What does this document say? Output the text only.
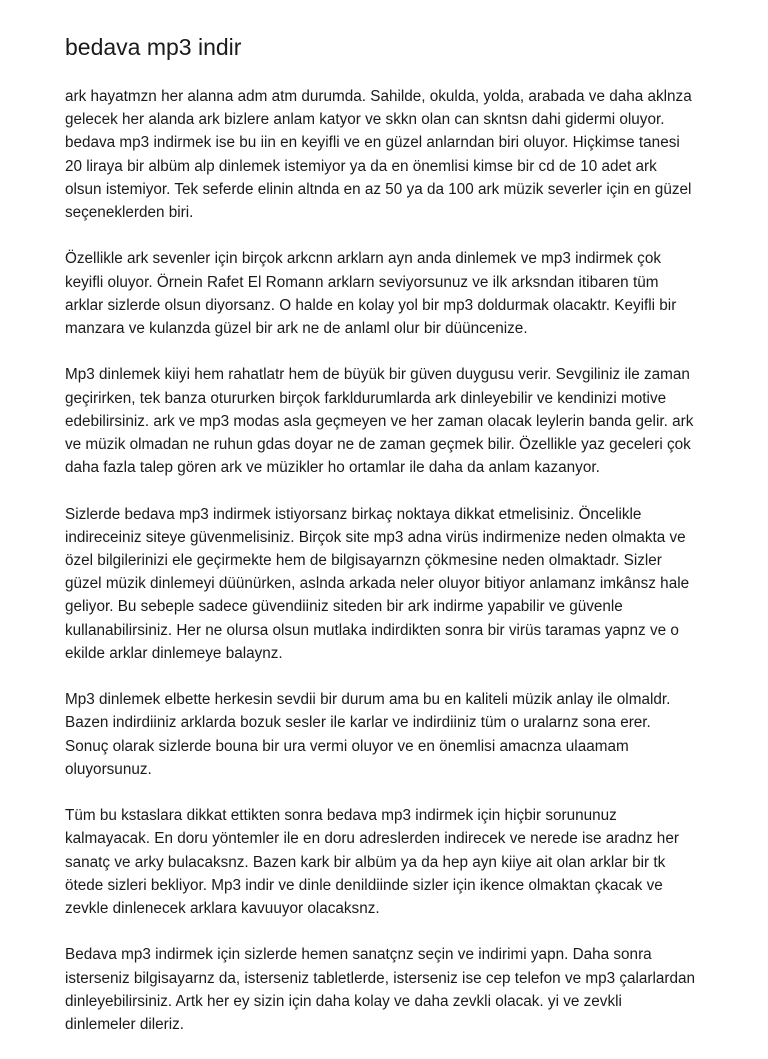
bedava mp3 indir

ark hayatmzn her alanna adm atm durumda. Sahilde, okulda, yolda, arabada ve daha aklnza
gelecek her alanda ark bizlere anlam katyor ve skkn olan can skntsn dahi gidermi oluyor.
bedava mp3 indirmek ise bu iin en keyifli ve en güzel anlarndan biri oluyor. Hiçkimse tanesi
20 liraya bir albüm alp dinlemek istemiyor ya da en önemlisi kimse bir cd de 10 adet ark
olsun istemiyor. Tek seferde elinin altnda en az 50 ya da 100 ark müzik severler için en güzel
seçeneklerden biri.

Özellikle ark sevenler için birçok arkcnn arklarn ayn anda dinlemek ve mp3 indirmek çok
keyifli oluyor. Örnein Rafet El Romann arklarn seviyorsunuz ve ilk arksndan itibaren tüm
arklar sizlerde olsun diyorsanz. O halde en kolay yol bir mp3 doldurmak olacaktr. Keyifli bir
manzara ve kulanzda güzel bir ark ne de anlaml olur bir düüncenize.

Mp3 dinlemek kiiyi hem rahatlatr hem de büyük bir güven duygusu verir. Sevgiliniz ile zaman
geçirirken, tek banza otururken birçok farkldurumlarda ark dinleyebilir ve kendinizi motive
edebilirsiniz. ark ve mp3 modas asla geçmeyen ve her zaman olacak leylerin banda gelir. ark
ve müzik olmadan ne ruhun gdas doyar ne de zaman geçmek bilir. Özellikle yaz geceleri çok
daha fazla talep gören ark ve müzikler ho ortamlar ile daha da anlam kazanyor.

Sizlerde bedava mp3 indirmek istiyorsanz birkaç noktaya dikkat etmelisiniz. Öncelikle
indireceiniz siteye güvenmelisiniz. Birçok site mp3 adna virüs indirmenize neden olmakta ve
özel bilgilerinizi ele geçirmekte hem de bilgisayarnzn çökmesine neden olmaktadr. Sizler
güzel müzik dinlemeyi düünürken, aslnda arkada neler oluyor bitiyor anlamanz imkânsz hale
geliyor. Bu sebeple sadece güvendiiniz siteden bir ark indirme yapabilir ve güvenle
kullanabilirsiniz. Her ne olursa olsun mutlaka indirdikten sonra bir virüs taramas yapnz ve o
ekilde arklar dinlemeye balaynz.

Mp3 dinlemek elbette herkesin sevdii bir durum ama bu en kaliteli müzik anlay ile olmaldr.
Bazen indirdiiniz arklarda bozuk sesler ile karlar ve indirdiiniz tüm o uralarnz sona erer.
Sonuç olarak sizlerde bouna bir ura vermi oluyor ve en önemlisi amacnza ulaamam
oluyorsunuz.

Tüm bu kstaslara dikkat ettikten sonra bedava mp3 indirmek için hiçbir sorununuz
kalmayacak. En doru yöntemler ile en doru adreslerden indirecek ve nerede ise aradnz her
sanatç ve arky bulacaksnz. Bazen kark bir albüm ya da hep ayn kiiye ait olan arklar bir tk
ötede sizleri bekliyor. Mp3 indir ve dinle denildiinde sizler için ikence olmaktan çkacak ve
zevkle dinlenecek arklara kavuuyor olacaksnz.

Bedava mp3 indirmek için sizlerde hemen sanatçnz seçin ve indirimi yapn. Daha sonra
isterseniz bilgisayarnz da, isterseniz tabletlerde, isterseniz ise cep telefon ve mp3 çalarlardan
dinleyebilirsiniz. Artk her ey sizin için daha kolay ve daha zevkli olacak. yi ve zevkli
dinlemeler dileriz.
